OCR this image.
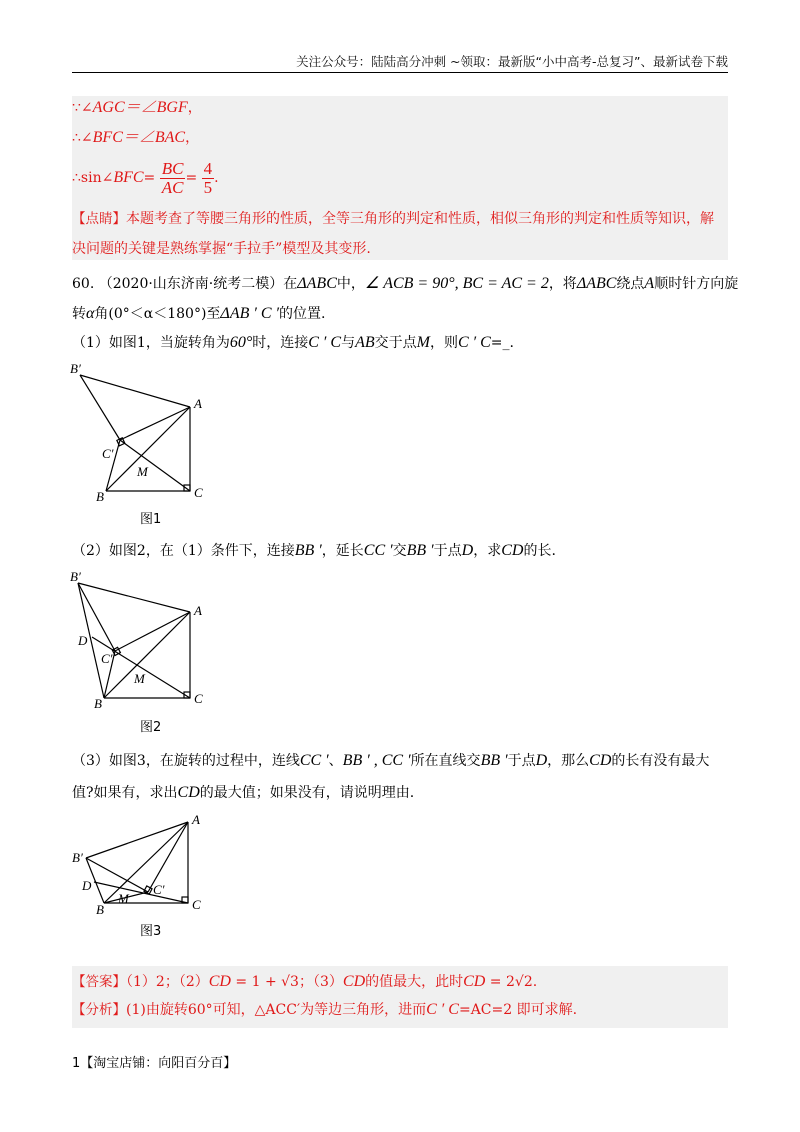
关注公众号：陆陆高分冲刺 ~领取：最新版“小中高考-总复习”、最新试卷下载
∵∠AGC＝∠BGF，
∴∠BFC＝∠BAC，
∴sin∠BFC= $\frac{BC}{AC} = \frac{4}{5}$ .
【点睛】本题考查了等腰三角形的性质，全等三角形的判定和性质，相似三角形的判定和性质等知识，解
决问题的关键是熟练掌握“手拉手”模型及其变形.
60. （2020·山东济南·统考二模）在ΔABC中，∠ ACB = 90°, BC = AC = 2，将ΔABC绕点A顺时针方向旋
转α角(0°＜α＜180°)至ΔAB ′ C ′的位置.
（1）如图1，当旋转角为60°时，连接C ′ C与AB交于点M，则C ′ C=_.
B′
A
C′
M
B	C
图1
（2）如图2，在（1）条件下，连接BB ′，延长CC ′交BB ′于点D，求CD的长.
B′
A
D
C′
M
B	C
图2
（3）如图3，在旋转的过程中，连线CC ′、BB ′ , CC ′所在直线交BB ′于点D，那么CD的长有没有最大
值?如果有，求出CD的最大值；如果没有，请说明理由.
A
B′
D	C′
M
B	C
图3
【答案】（1）2；（2）CD = 1 + √3；（3）CD的值最大，此时CD = 2√2.
【分析】(1)由旋转60°可知，△ACC′为等边三角形，进而C ′ C=AC=2 即可求解.
1【淘宝店铺：向阳百分百】
